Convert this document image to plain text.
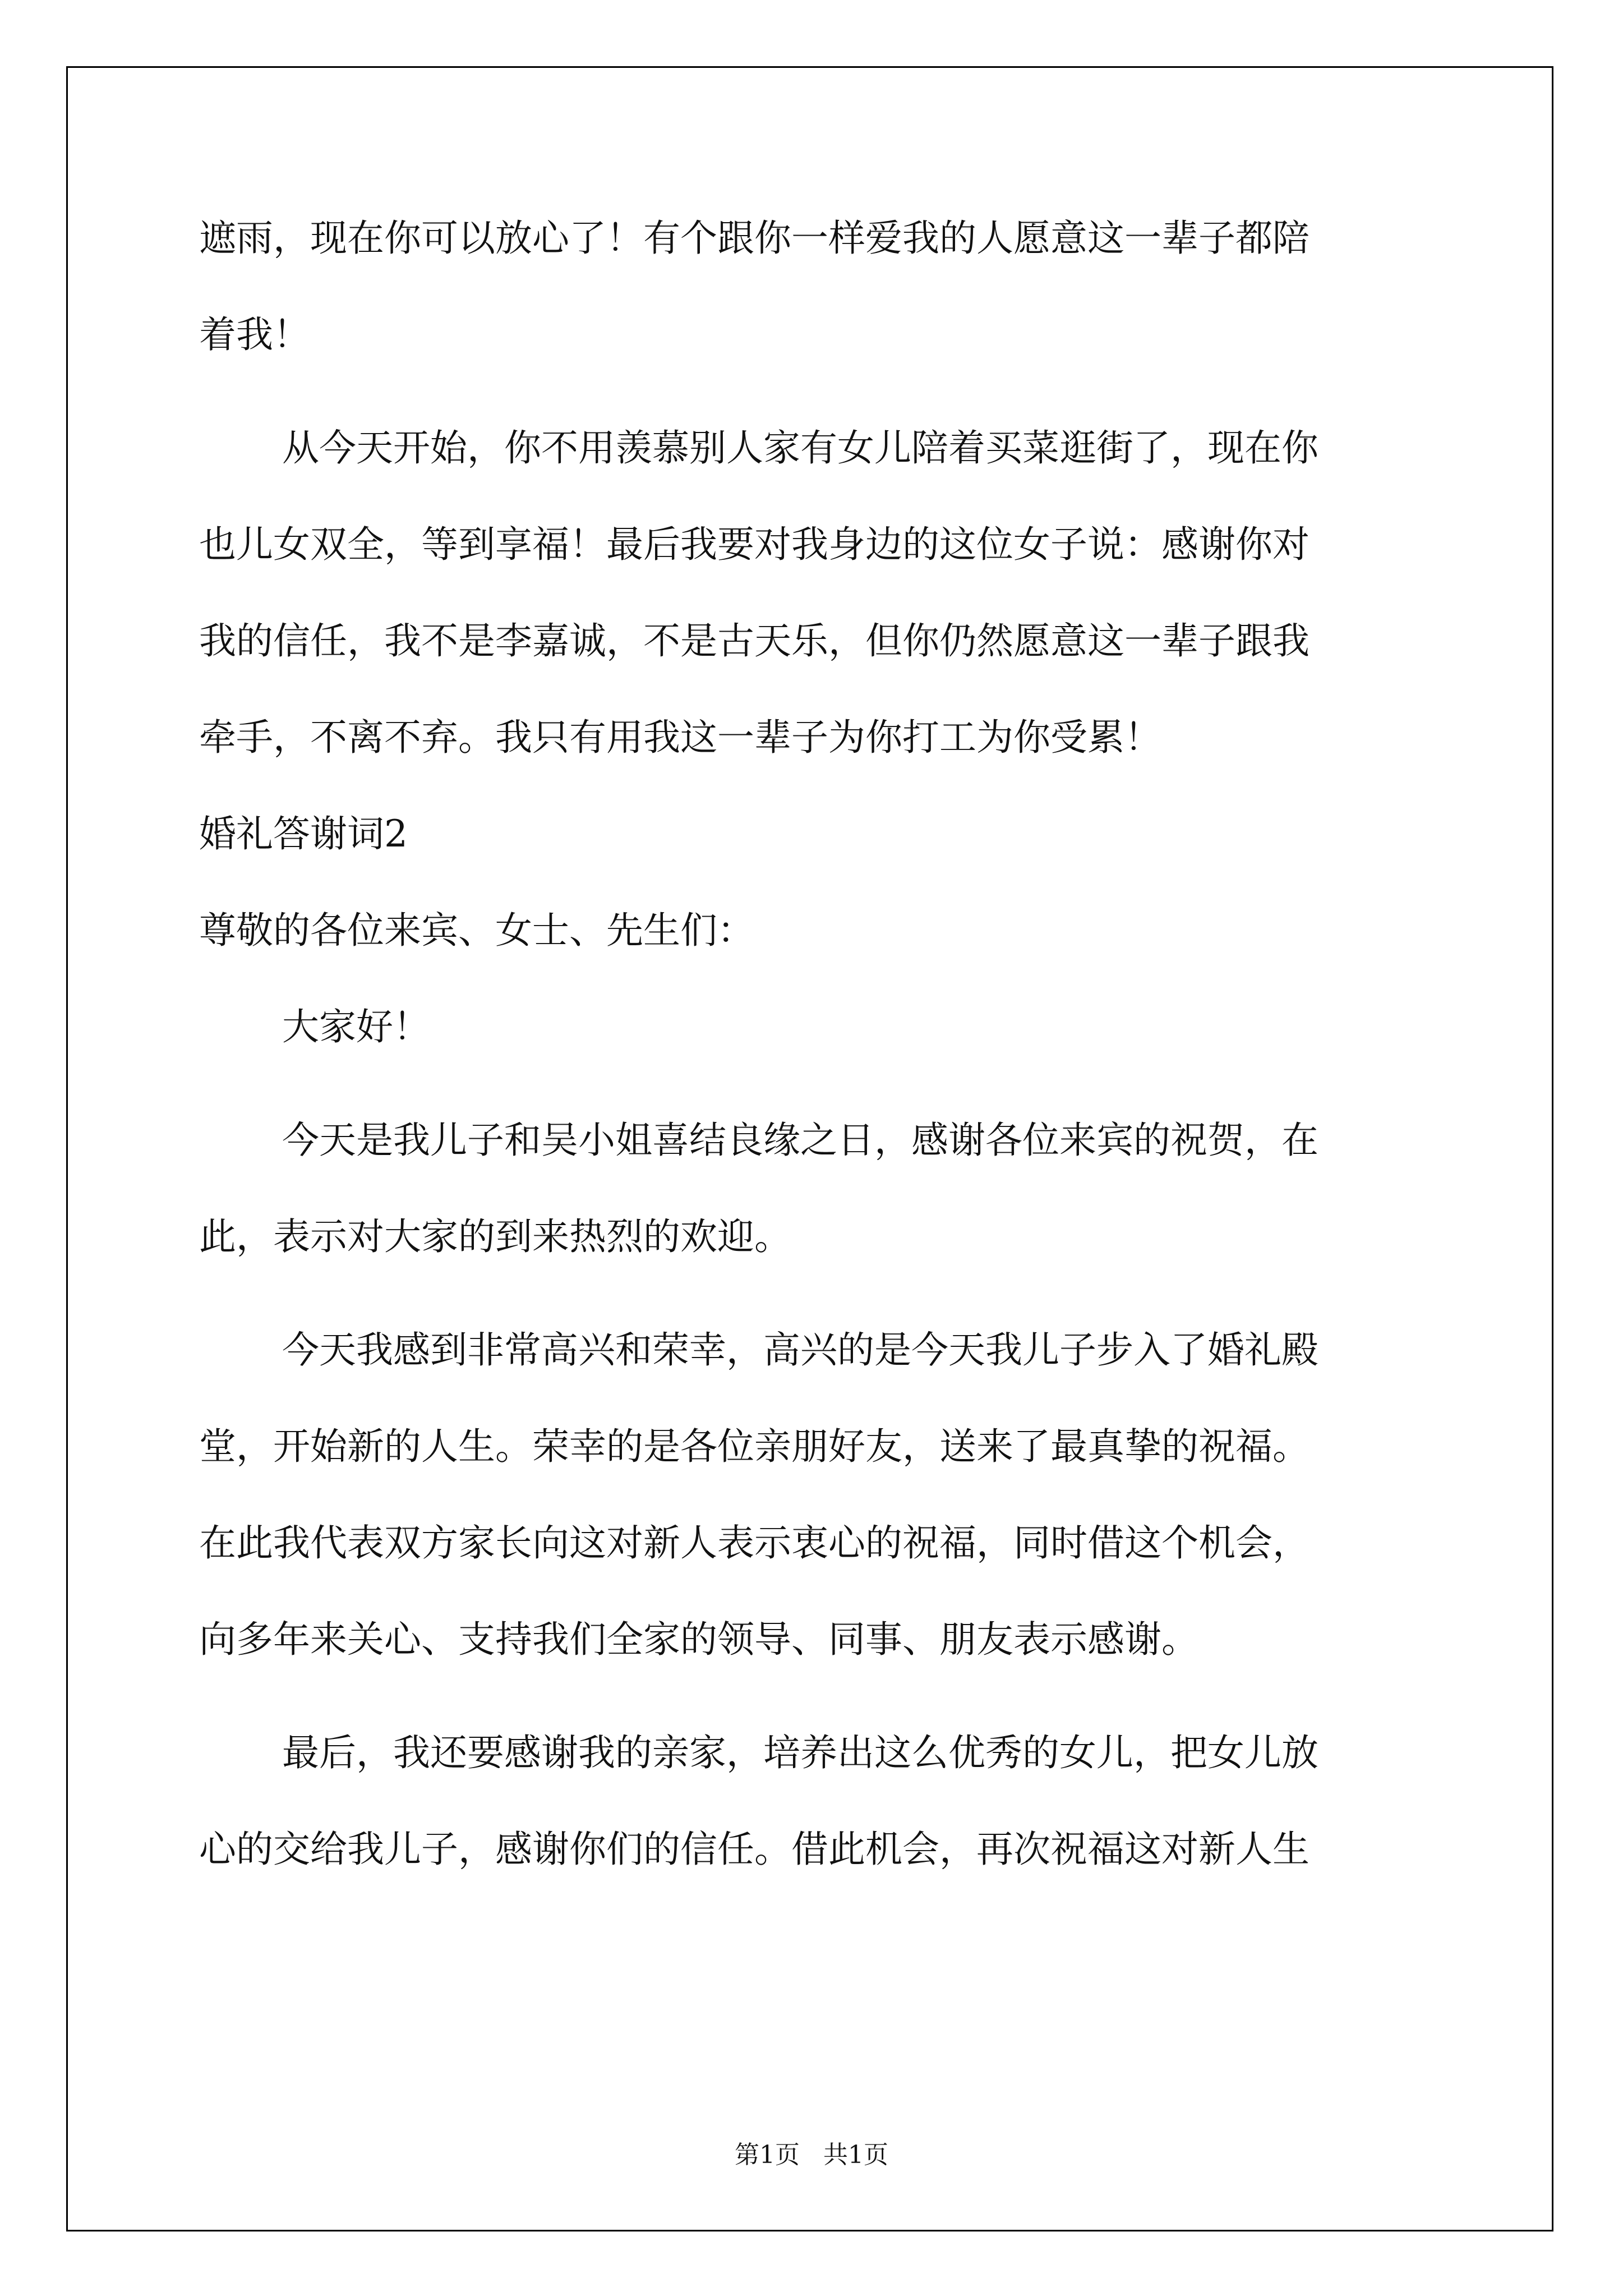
遮雨，现在你可以放心了！有个跟你一样爱我的人愿意这一辈子都陪
着我！
从今天开始，你不用羡慕别人家有女儿陪着买菜逛街了，现在你
也儿女双全，等到享福！最后我要对我身边的这位女子说：感谢你对
我的信任，我不是李嘉诚，不是古天乐，但你仍然愿意这一辈子跟我
牵手，不离不弃。我只有用我这一辈子为你打工为你受累！
婚礼答谢词2
尊敬的各位来宾、女士、先生们：
大家好！
今天是我儿子和吴小姐喜结良缘之日，感谢各位来宾的祝贺，在
此，表示对大家的到来热烈的欢迎。
今天我感到非常高兴和荣幸，高兴的是今天我儿子步入了婚礼殿
堂，开始新的人生。荣幸的是各位亲朋好友，送来了最真挚的祝福。
在此我代表双方家长向这对新人表示衷心的祝福，同时借这个机会，
向多年来关心、支持我们全家的领导、同事、朋友表示感谢。
最后，我还要感谢我的亲家，培养出这么优秀的女儿，把女儿放
心的交给我儿子，感谢你们的信任。借此机会，再次祝福这对新人生
第1页   共1页
